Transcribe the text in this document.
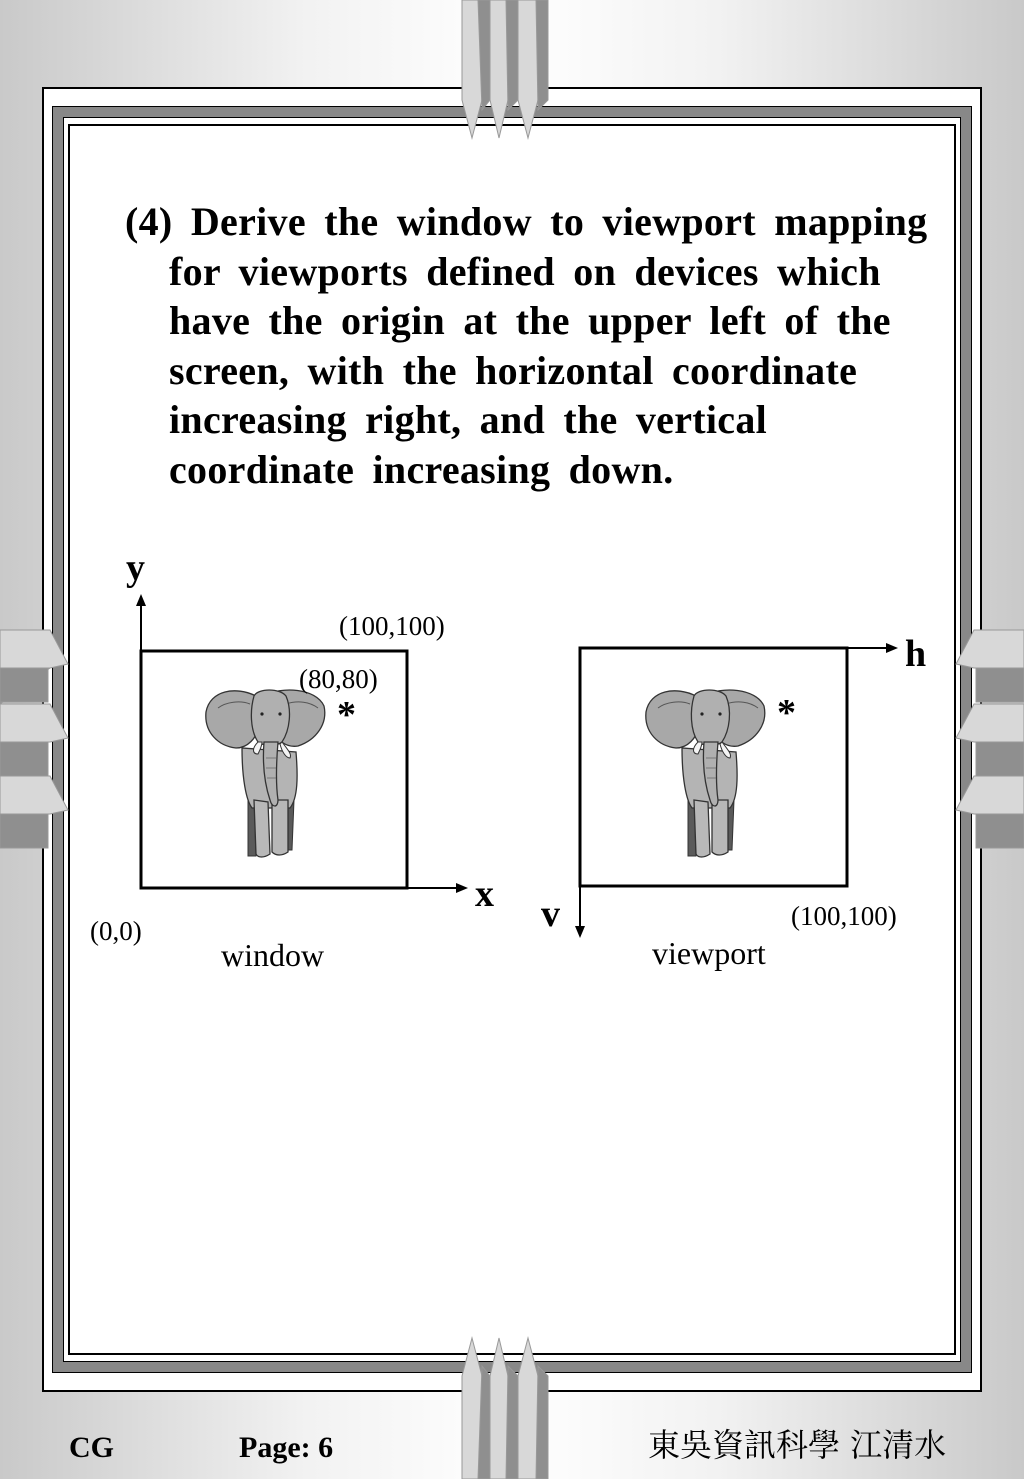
(4) Derive the window to viewport mapping for viewports defined on devices which have the origin at the upper left of the screen, with the horizontal coordinate increasing right, and the vertical coordinate increasing down.

*
y
x
(100,100)
(80,80)
(0,0)
window
*
h
v	(100,100)
viewport
CG	Page: 6	東吳資訊科學 江清水
